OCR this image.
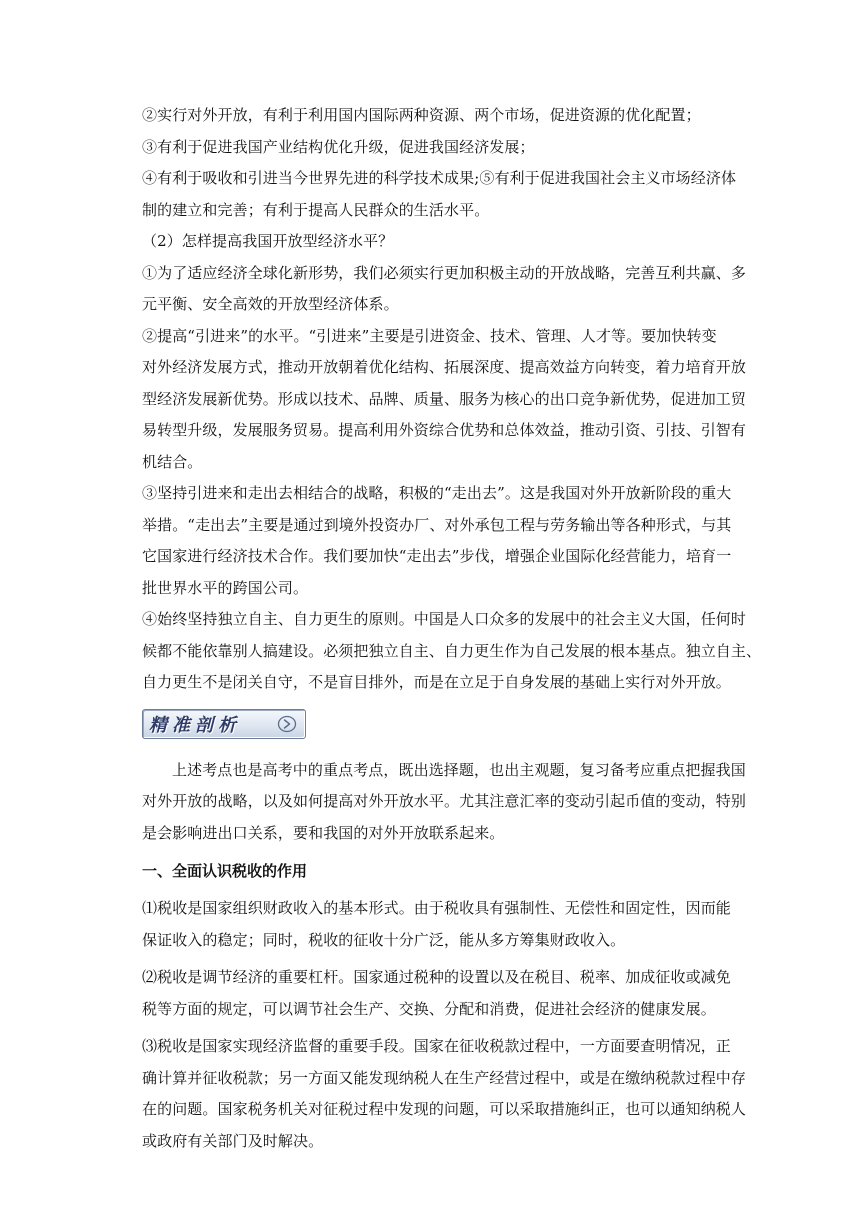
②实行对外开放，有利于利用国内国际两种资源、两个市场，促进资源的优化配置；

③有利于促进我国产业结构优化升级，促进我国经济发展；

④有利于吸收和引进当今世界先进的科学技术成果;⑤有利于促进我国社会主义市场经济体

制的建立和完善；有利于提高人民群众的生活水平。

（2）怎样提高我国开放型经济水平？

①为了适应经济全球化新形势，我们必须实行更加积极主动的开放战略，完善互利共赢、多

元平衡、安全高效的开放型经济体系。

②提高“引进来”的水平。“引进来”主要是引进资金、技术、管理、人才等。要加快转变

对外经济发展方式，推动开放朝着优化结构、拓展深度、提高效益方向转变，着力培育开放

型经济发展新优势。形成以技术、品牌、质量、服务为核心的出口竞争新优势，促进加工贸

易转型升级，发展服务贸易。提高利用外资综合优势和总体效益，推动引资、引技、引智有

机结合。

③坚持引进来和走出去相结合的战略，积极的“走出去”。这是我国对外开放新阶段的重大

举措。“走出去”主要是通过到境外投资办厂、对外承包工程与劳务输出等各种形式，与其

它国家进行经济技术合作。我们要加快“走出去”步伐，增强企业国际化经营能力，培育一

批世界水平的跨国公司。

④始终坚持独立自主、自力更生的原则。中国是人口众多的发展中的社会主义大国，任何时

候都不能依靠别人搞建设。必须把独立自主、自力更生作为自己发展的根本基点。独立自主、

自力更生不是闭关自守，不是盲目排外，而是在立足于自身发展的基础上实行对外开放。

精准剖析

上述考点也是高考中的重点考点，既出选择题，也出主观题，复习备考应重点把握我国

对外开放的战略，以及如何提高对外开放水平。尤其注意汇率的变动引起币值的变动，特别

是会影响进出口关系，要和我国的对外开放联系起来。

一、全面认识税收的作用

⑴税收是国家组织财政收入的基本形式。由于税收具有强制性、无偿性和固定性，因而能

保证收入的稳定；同时，税收的征收十分广泛，能从多方筹集财政收入。

⑵税收是调节经济的重要杠杆。国家通过税种的设置以及在税目、税率、加成征收或减免

税等方面的规定，可以调节社会生产、交换、分配和消费，促进社会经济的健康发展。

⑶税收是国家实现经济监督的重要手段。国家在征收税款过程中，一方面要查明情况，正

确计算并征收税款；另一方面又能发现纳税人在生产经营过程中，或是在缴纳税款过程中存

在的问题。国家税务机关对征税过程中发现的问题，可以采取措施纠正，也可以通知纳税人

或政府有关部门及时解决。
